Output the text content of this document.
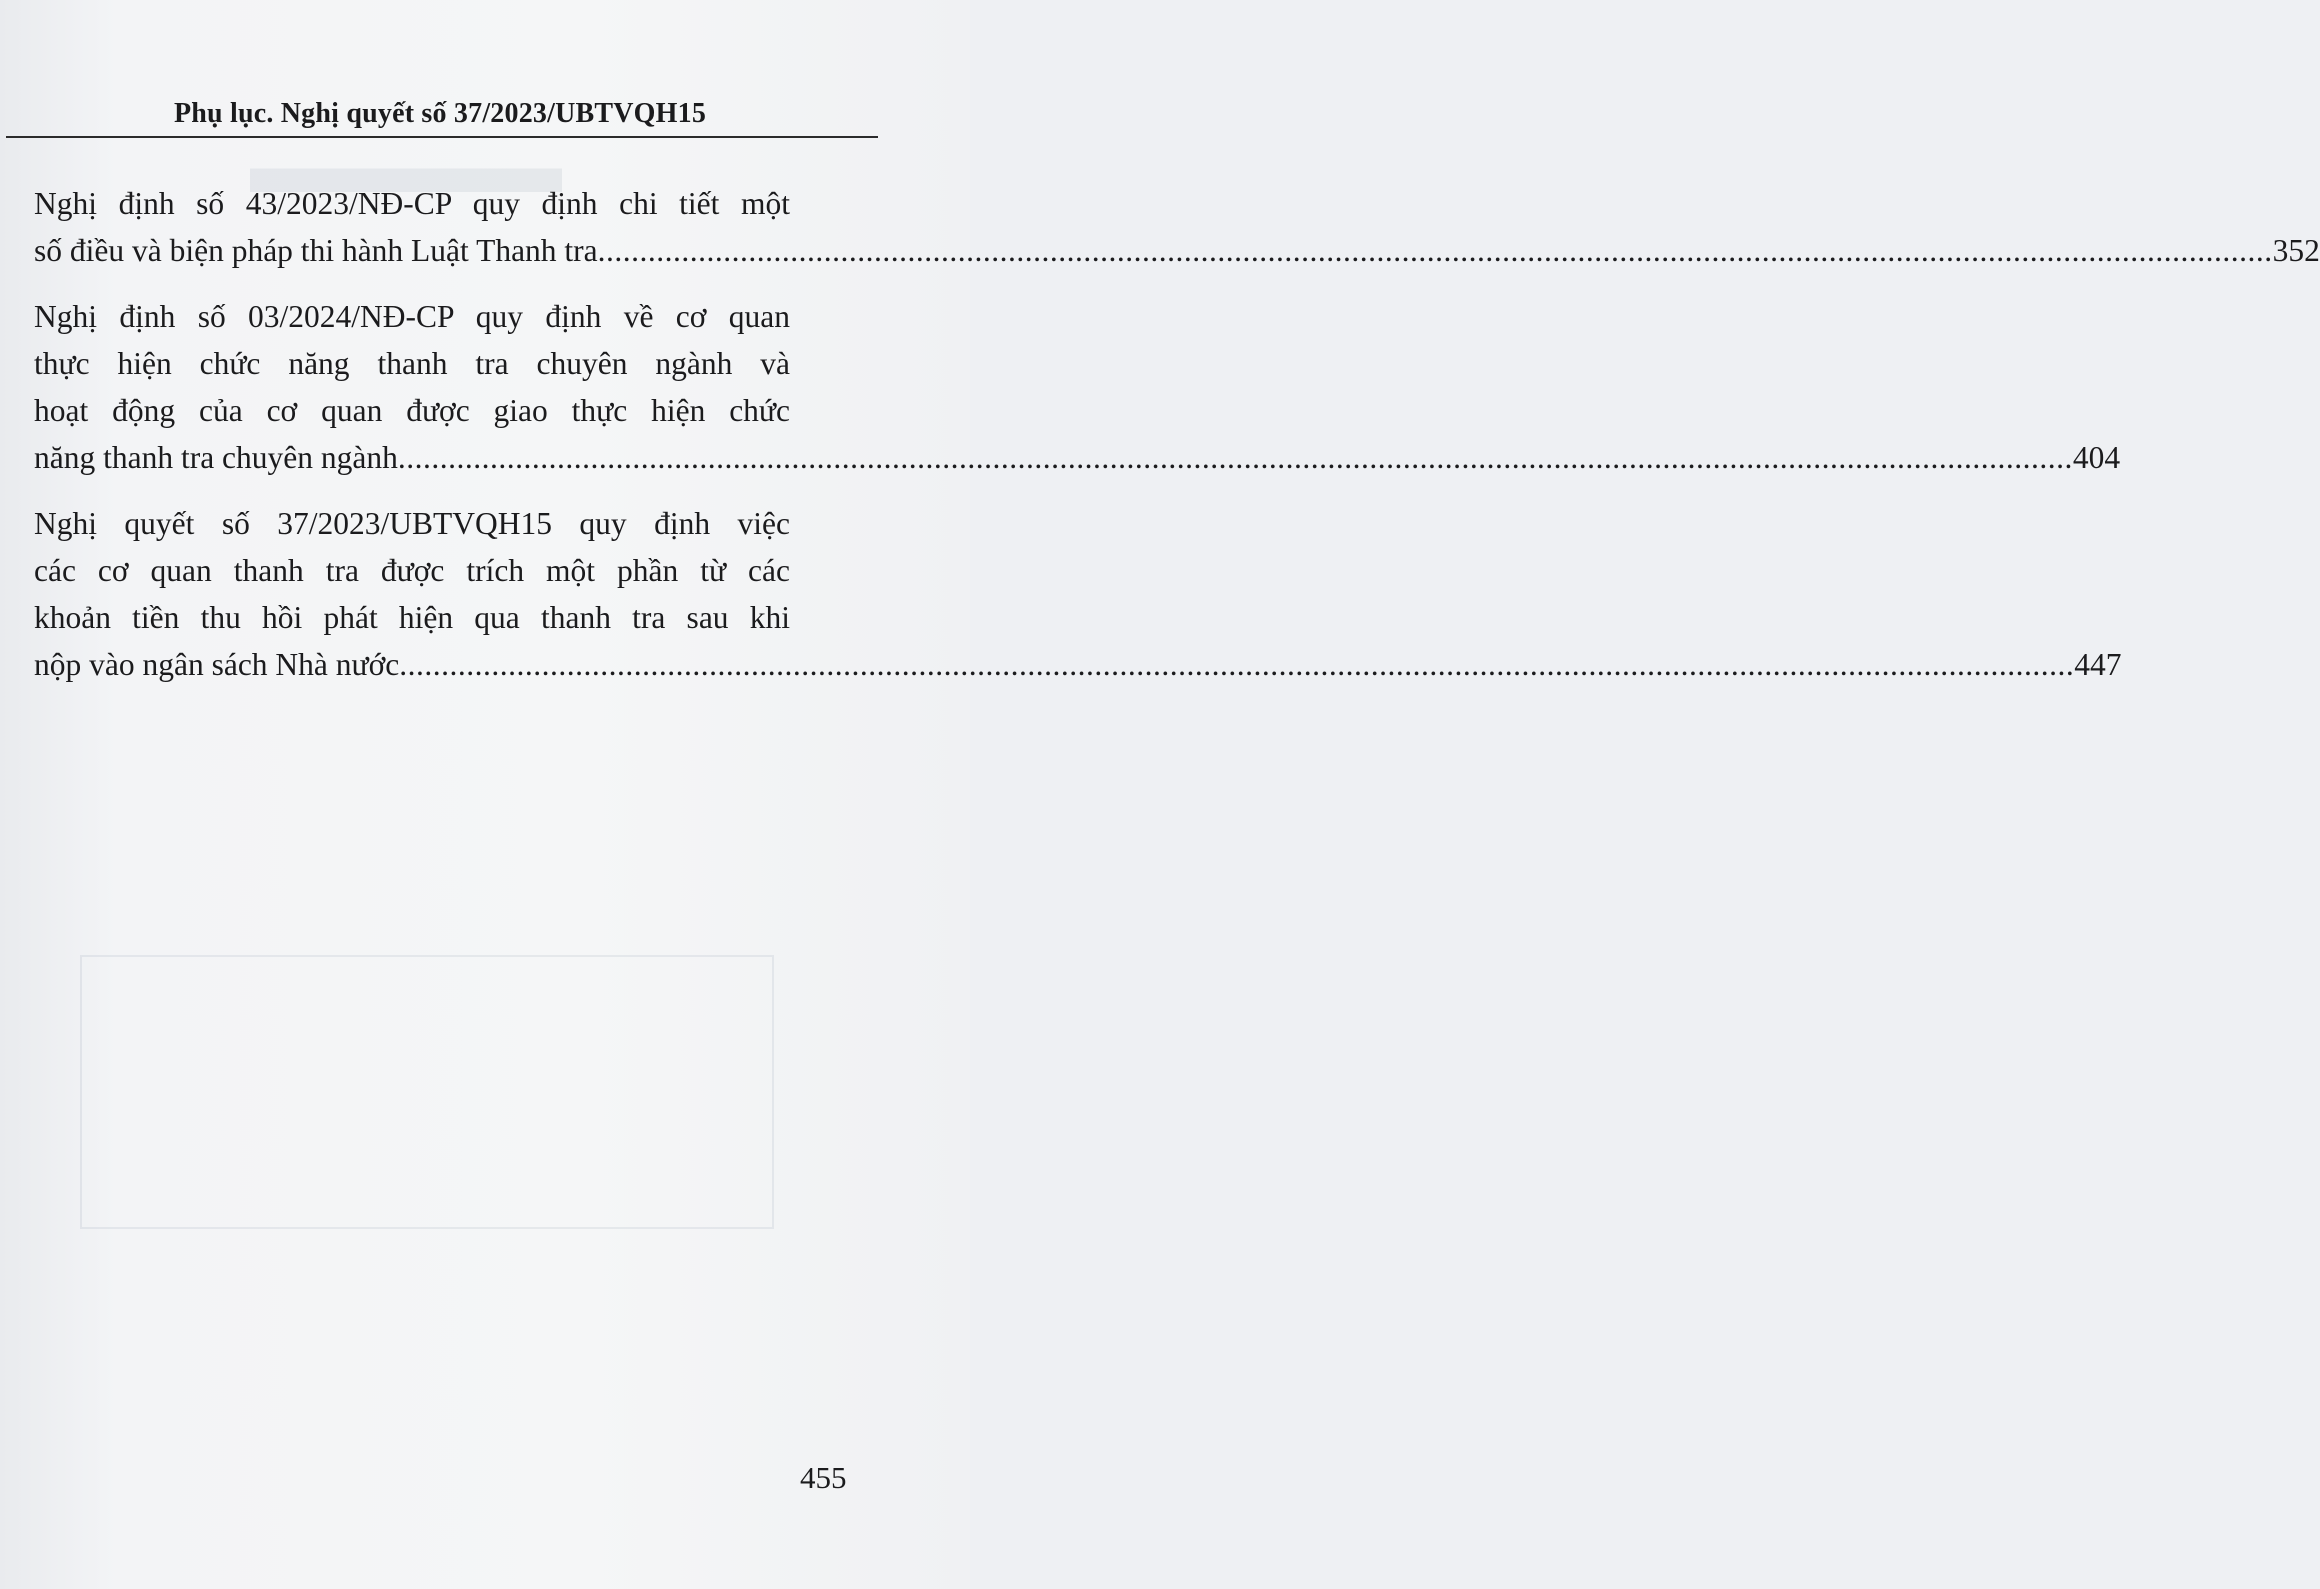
▬▬▬▬
Phụ lục. Nghị quyết số 37/2023/UBTVQH15
Nghị định số 43/2023/NĐ-CP quy định chi tiết một
số điều và biện pháp thi hành Luật Thanh tra ........................................................................................................................................................................................................ 352
Nghị định số 03/2024/NĐ-CP quy định về cơ quan
thực hiện chức năng thanh tra chuyên ngành và
hoạt động của cơ quan được giao thực hiện chức
năng thanh tra chuyên ngành ........................................................................................................................................................................................................ 404
Nghị quyết số 37/2023/UBTVQH15 quy định việc
các cơ quan thanh tra được trích một phần từ các
khoản tiền thu hồi phát hiện qua thanh tra sau khi
nộp vào ngân sách Nhà nước ........................................................................................................................................................................................................ 447
455
